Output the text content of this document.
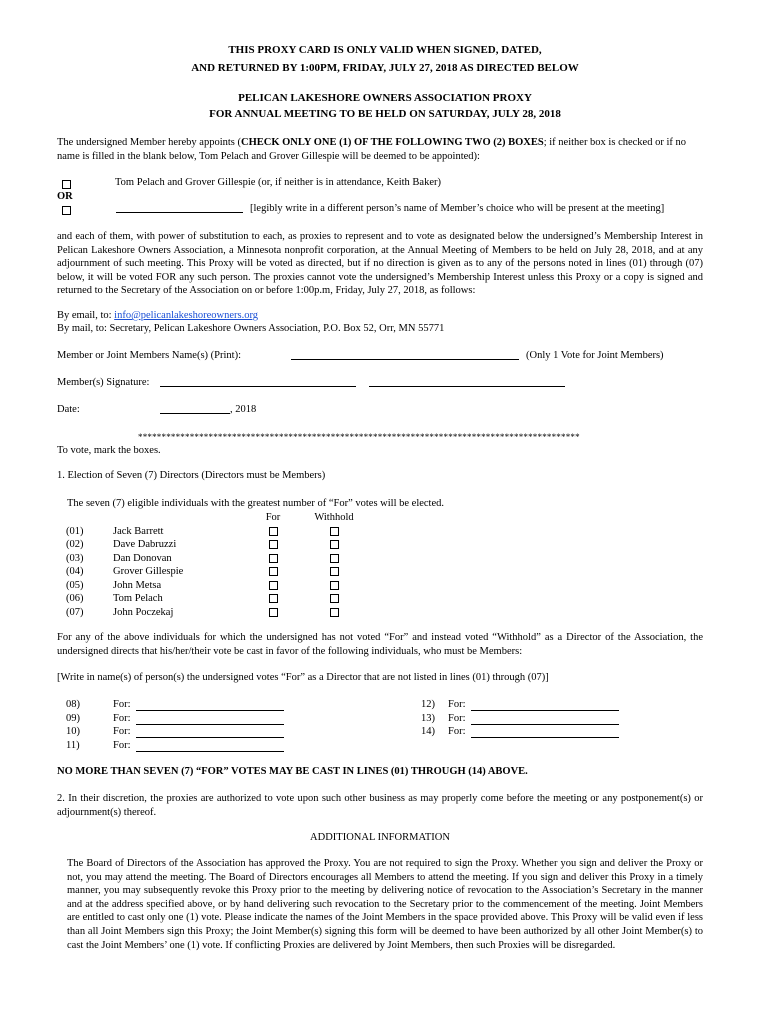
THIS PROXY CARD IS ONLY VALID WHEN SIGNED, DATED,
AND RETURNED BY 1:00PM, FRIDAY, JULY 27, 2018 AS DIRECTED BELOW
PELICAN LAKESHORE OWNERS ASSOCIATION PROXY
FOR ANNUAL MEETING TO BE HELD ON SATURDAY, JULY 28, 2018
The undersigned Member hereby appoints (CHECK ONLY ONE (1) OF THE FOLLOWING TWO (2) BOXES; if neither box is checked or if no name is filled in the blank below, Tom Pelach and Grover Gillespie will be deemed to be appointed):
Tom Pelach and Grover Gillespie (or, if neither is in attendance, Keith Baker)
OR
[legibly write in a different person’s name of Member’s choice who will be present at the meeting]
and each of them, with power of substitution to each, as proxies to represent and to vote as designated below the undersigned’s Membership Interest in Pelican Lakeshore Owners Association, a Minnesota nonprofit corporation, at the Annual Meeting of Members to be held on July 28, 2018, and at any adjournment of such meeting. This Proxy will be voted as directed, but if no direction is given as to any of the persons noted in lines (01) through (07) below, it will be voted FOR any such person. The proxies cannot vote the undersigned’s Membership Interest unless this Proxy or a copy is signed and returned to the Secretary of the Association on or before 1:00p.m, Friday, July 27, 2018, as follows:
By email, to: info@pelicanlakeshoreowners.org
By mail, to: Secretary, Pelican Lakeshore Owners Association, P.O. Box 52, Orr, MN 55771
Member or Joint Members Name(s) (Print):	(Only 1 Vote for Joint Members)
Member(s) Signature:
Date:	, 2018
**********************************************************************************************
To vote, mark the boxes.
1. Election of Seven (7) Directors (Directors must be Members)
The seven (7) eligible individuals with the greatest number of “For” votes will be elected.
		For	Withhold
(01)	Jack Barrett		
(02)	Dave Dabruzzi		
(03)	Dan Donovan		
(04)	Grover Gillespie		
(05)	John Metsa		
(06)	Tom Pelach		
(07)	John Poczekaj		
For any of the above individuals for which the undersigned has not voted “For” and instead voted “Withhold” as a Director of the Association, the undersigned directs that his/her/their vote be cast in favor of the following individuals, who must be Members:
[Write in name(s) of person(s) the undersigned votes “For” as a Director that are not listed in lines (01) through (07)]
08)	For:
09)	For:
10)	For:
11)	For:
12) For:
13) For:
14) For:
NO MORE THAN SEVEN (7) “FOR” VOTES MAY BE CAST IN LINES (01) THROUGH (14) ABOVE.
2. In their discretion, the proxies are authorized to vote upon such other business as may properly come before the meeting or any postponement(s) or adjournment(s) thereof.
ADDITIONAL INFORMATION
The Board of Directors of the Association has approved the Proxy. You are not required to sign the Proxy. Whether you sign and deliver the Proxy or not, you may attend the meeting. The Board of Directors encourages all Members to attend the meeting. If you sign and deliver this Proxy in a timely manner, you may subsequently revoke this Proxy prior to the meeting by delivering notice of revocation to the Association’s Secretary in the manner and at the address specified above, or by hand delivering such revocation to the Secretary prior to the commencement of the meeting. Joint Members are entitled to cast only one (1) vote. Please indicate the names of the Joint Members in the space provided above. This Proxy will be valid even if less than all Joint Members sign this Proxy; the Joint Member(s) signing this form will be deemed to have been authorized by all other Joint Member(s) to cast the Joint Members’ one (1) vote. If conflicting Proxies are delivered by Joint Members, then such Proxies will be disregarded.
